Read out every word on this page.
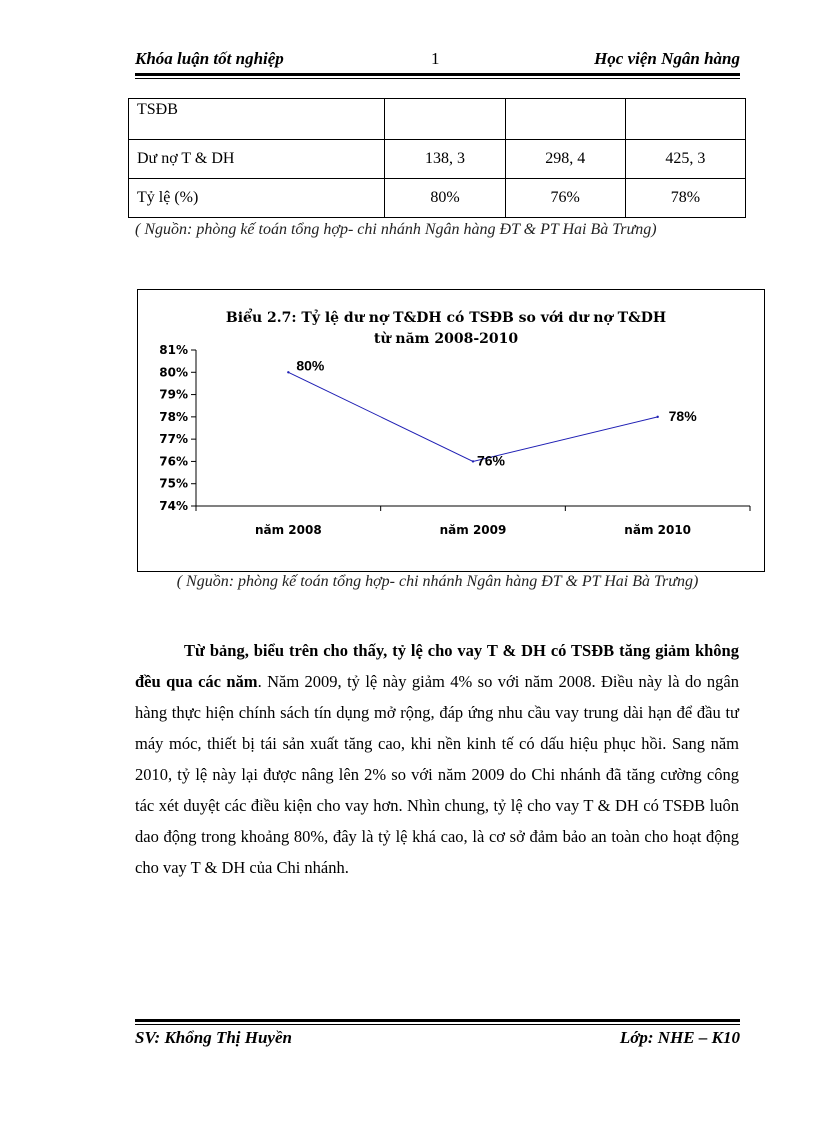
Khóa luận tốt nghiệp	1	Học viện Ngân hàng
TSĐB			
Dư nợ T & DH	138, 3	298, 4	425, 3
Tỷ lệ (%)	80%	76%	78%
( Nguồn: phòng kế toán tổng hợp- chi nhánh Ngân hàng ĐT & PT Hai Bà Trưng)
Biểu 2.7: Tỷ lệ dư nợ T&DH có TSĐB so với dư nợ T&DH
từ năm 2008-2010
74%
75%
76%
77%
78%
79%
80%
81%
năm 2008	năm 2009	năm 2010
80%
76%
78%
( Nguồn: phòng kế toán tổng hợp- chi nhánh Ngân hàng ĐT & PT Hai Bà Trưng)
Từ bảng, biểu trên cho thấy, tỷ lệ cho vay T & DH có TSĐB tăng giảm không đều qua các năm. Năm 2009, tỷ lệ này giảm 4% so với năm 2008. Điều này là do ngân hàng thực hiện chính sách tín dụng mở rộng, đáp ứng nhu cầu vay trung dài hạn để đầu tư máy móc, thiết bị tái sản xuất tăng cao, khi nền kinh tế có dấu hiệu phục hồi. Sang năm 2010, tỷ lệ này lại được nâng lên 2% so với năm 2009 do Chi nhánh đã tăng cường công tác xét duyệt các điều kiện cho vay hơn. Nhìn chung, tỷ lệ cho vay T & DH có TSĐB luôn dao động trong khoảng 80%, đây là tỷ lệ khá cao, là cơ sở đảm bảo an toàn cho hoạt động cho vay T & DH của Chi nhánh.
SV: Khổng Thị Huyền	Lớp: NHE – K10
